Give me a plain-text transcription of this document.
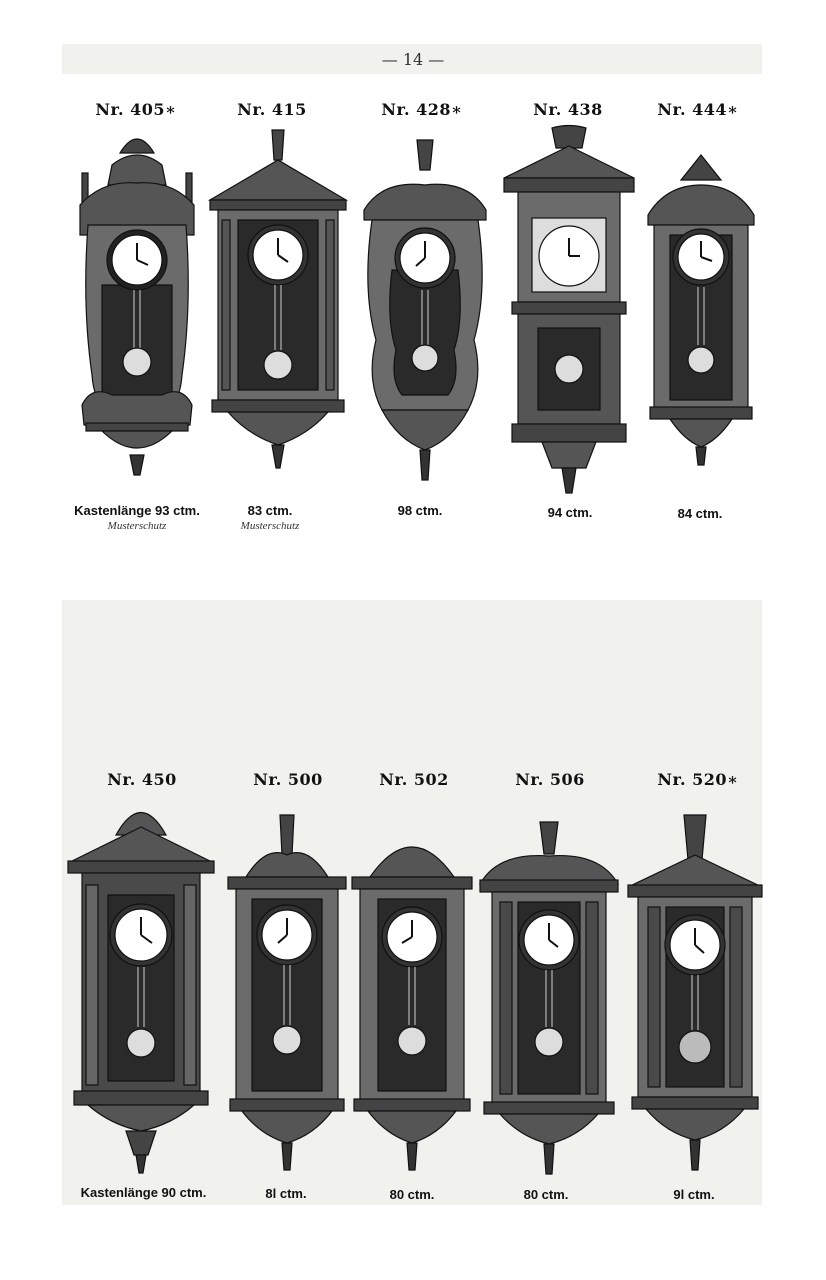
— 14 —
Nr. 405∗	Nr. 415	Nr. 428∗	Nr. 438	Nr. 444∗
Kastenlänge 93 ctm.
Musterschutz
83 ctm.
Musterschutz
98 ctm.	94 ctm.	84 ctm.
Nr. 450	Nr. 500	Nr. 502	Nr. 506	Nr. 520∗
Kastenlänge 90 ctm.	8l ctm.	80 ctm.	80 ctm.	9l ctm.
